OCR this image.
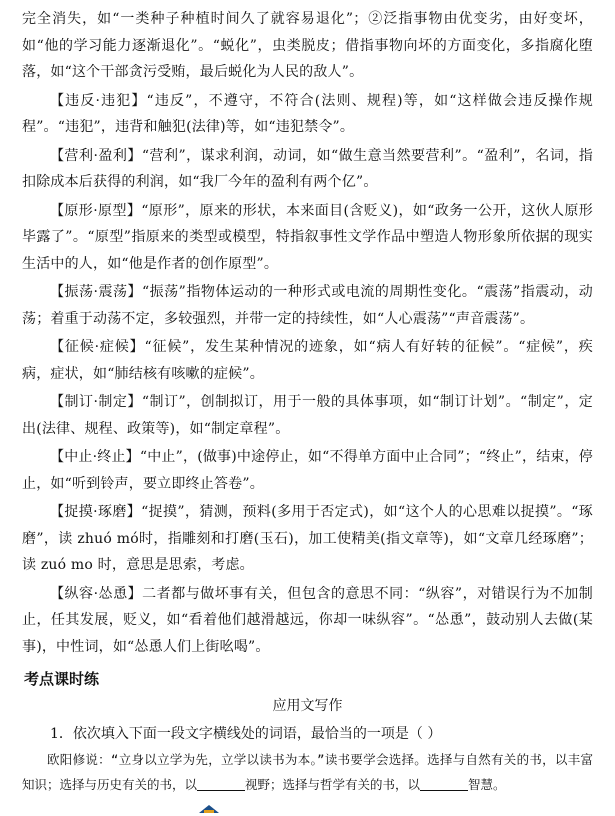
完全消失，如“一类种子种植时间久了就容易退化”；②泛指事物由优变劣，由好变坏，如“他的学习能力逐渐退化”。“蜕化”，虫类脱皮；借指事物向坏的方面变化，多指腐化堕落，如“这个干部贪污受贿，最后蜕化为人民的敌人”。

【违反·违犯】“违反”，不遵守，不符合(法则、规程)等，如“这样做会违反操作规程”。“违犯”，违背和触犯(法律)等，如“违犯禁令”。

【营利·盈利】“营利”，谋求利润，动词，如“做生意当然要营利”。“盈利”，名词，指扣除成本后获得的利润，如“我厂今年的盈利有两个亿”。

【原形·原型】“原形”，原来的形状，本来面目(含贬义)，如“政务一公开，这伙人原形毕露了”。“原型”指原来的类型或模型，特指叙事性文学作品中塑造人物形象所依据的现实生活中的人，如“他是作者的创作原型”。

【振荡·震荡】“振荡”指物体运动的一种形式或电流的周期性变化。“震荡”指震动，动荡；着重于动荡不定，多较强烈，并带一定的持续性，如“人心震荡”“声音震荡”。

【征候·症候】“征候”，发生某种情况的迹象，如“病人有好转的征候”。“症候”，疾病，症状，如“肺结核有咳嗽的症候”。

【制订·制定】“制订”，创制拟订，用于一般的具体事项，如“制订计划”。“制定”，定出(法律、规程、政策等)，如“制定章程”。

【中止·终止】“中止”，(做事)中途停止，如“不得单方面中止合同”；“终止”，结束，停止，如“听到铃声，要立即终止答卷”。

【捉摸·琢磨】“捉摸”，猜测，预料(多用于否定式)，如“这个人的心思难以捉摸”。“琢磨”，读 zhuó mó时，指雕刻和打磨(玉石)，加工使精美(指文章等)，如“文章几经琢磨”；读 zuó mo 时，意思是思索，考虑。

【纵容·怂恿】二者都与做坏事有关，但包含的意思不同：“纵容”，对错误行为不加制止，任其发展，贬义，如“看着他们越滑越远，你却一味纵容”。“怂恿”，鼓动别人去做(某事)，中性词，如“怂恿人们上街吆喝”。

考点课时练
应用文写作

1．依次填入下面一段文字横线处的词语，最恰当的一项是（ ）

欧阳修说：“立身以立学为先，立学以读书为本。”读书要学会选择。选择与自然有关的书，以丰富知识；选择与历史有关的书，以	视野；选择与哲学有关的书，以	智慧。
